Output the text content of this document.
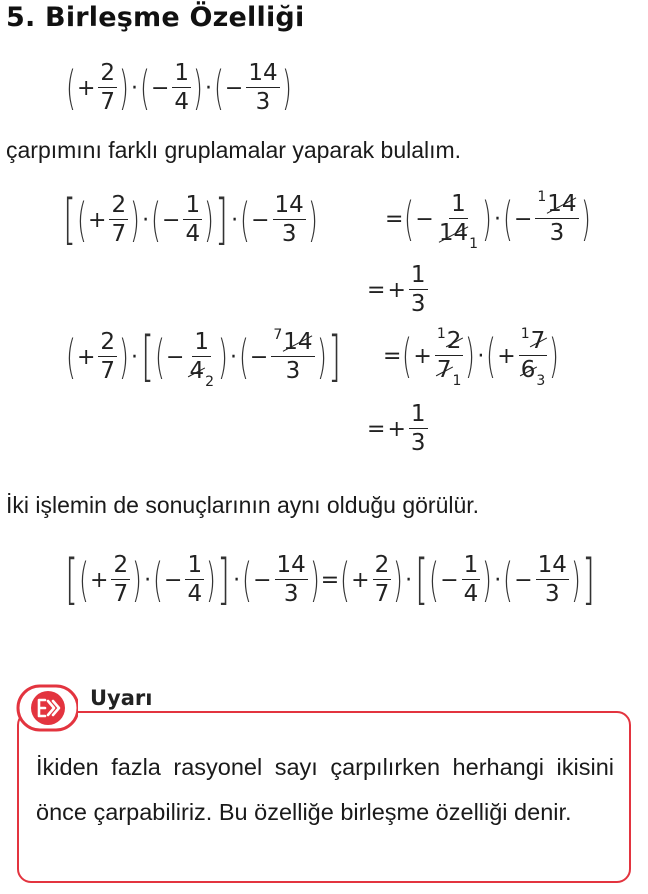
5. Birleşme Özelliği
( + $\frac{2}{7}$ ) · ( − $\frac{1}{4}$ ) · ( − $\frac{14}{3}$ )
çarpımını farklı gruplamalar yaparak bulalım.
[ ( + $\frac{2}{7}$ ) · ( − $\frac{1}{4}$ ) ] · ( − $\frac{14}{3}$ )	= ( − $\frac{1}{14_1}$ ) · ( − $\frac{^114}{3}$ )
= + $\frac{1}{3}$
( + $\frac{2}{7}$ ) · [ ( − $\frac{1}{4_2}$ ) · ( − $\frac{^714}{3}$ ) ] = ( + $\frac{^12}{7_1}$ ) · ( + $\frac{^17}{6_3}$ )
= + $\frac{1}{3}$
İki işlemin de sonuçlarının aynı olduğu görülür.
[ ( + $\frac{2}{7}$ ) · ( − $\frac{1}{4}$ ) ] · ( − $\frac{14}{3}$ ) = ( + $\frac{2}{7}$ ) · [ ( − $\frac{1}{4}$ ) · ( − $\frac{14}{3}$ ) ]
Uyarı
İkiden fazla rasyonel sayı çarpılırken herhangi ikisini önce çarpabiliriz. Bu özelliğe birleşme özelliği denir.
